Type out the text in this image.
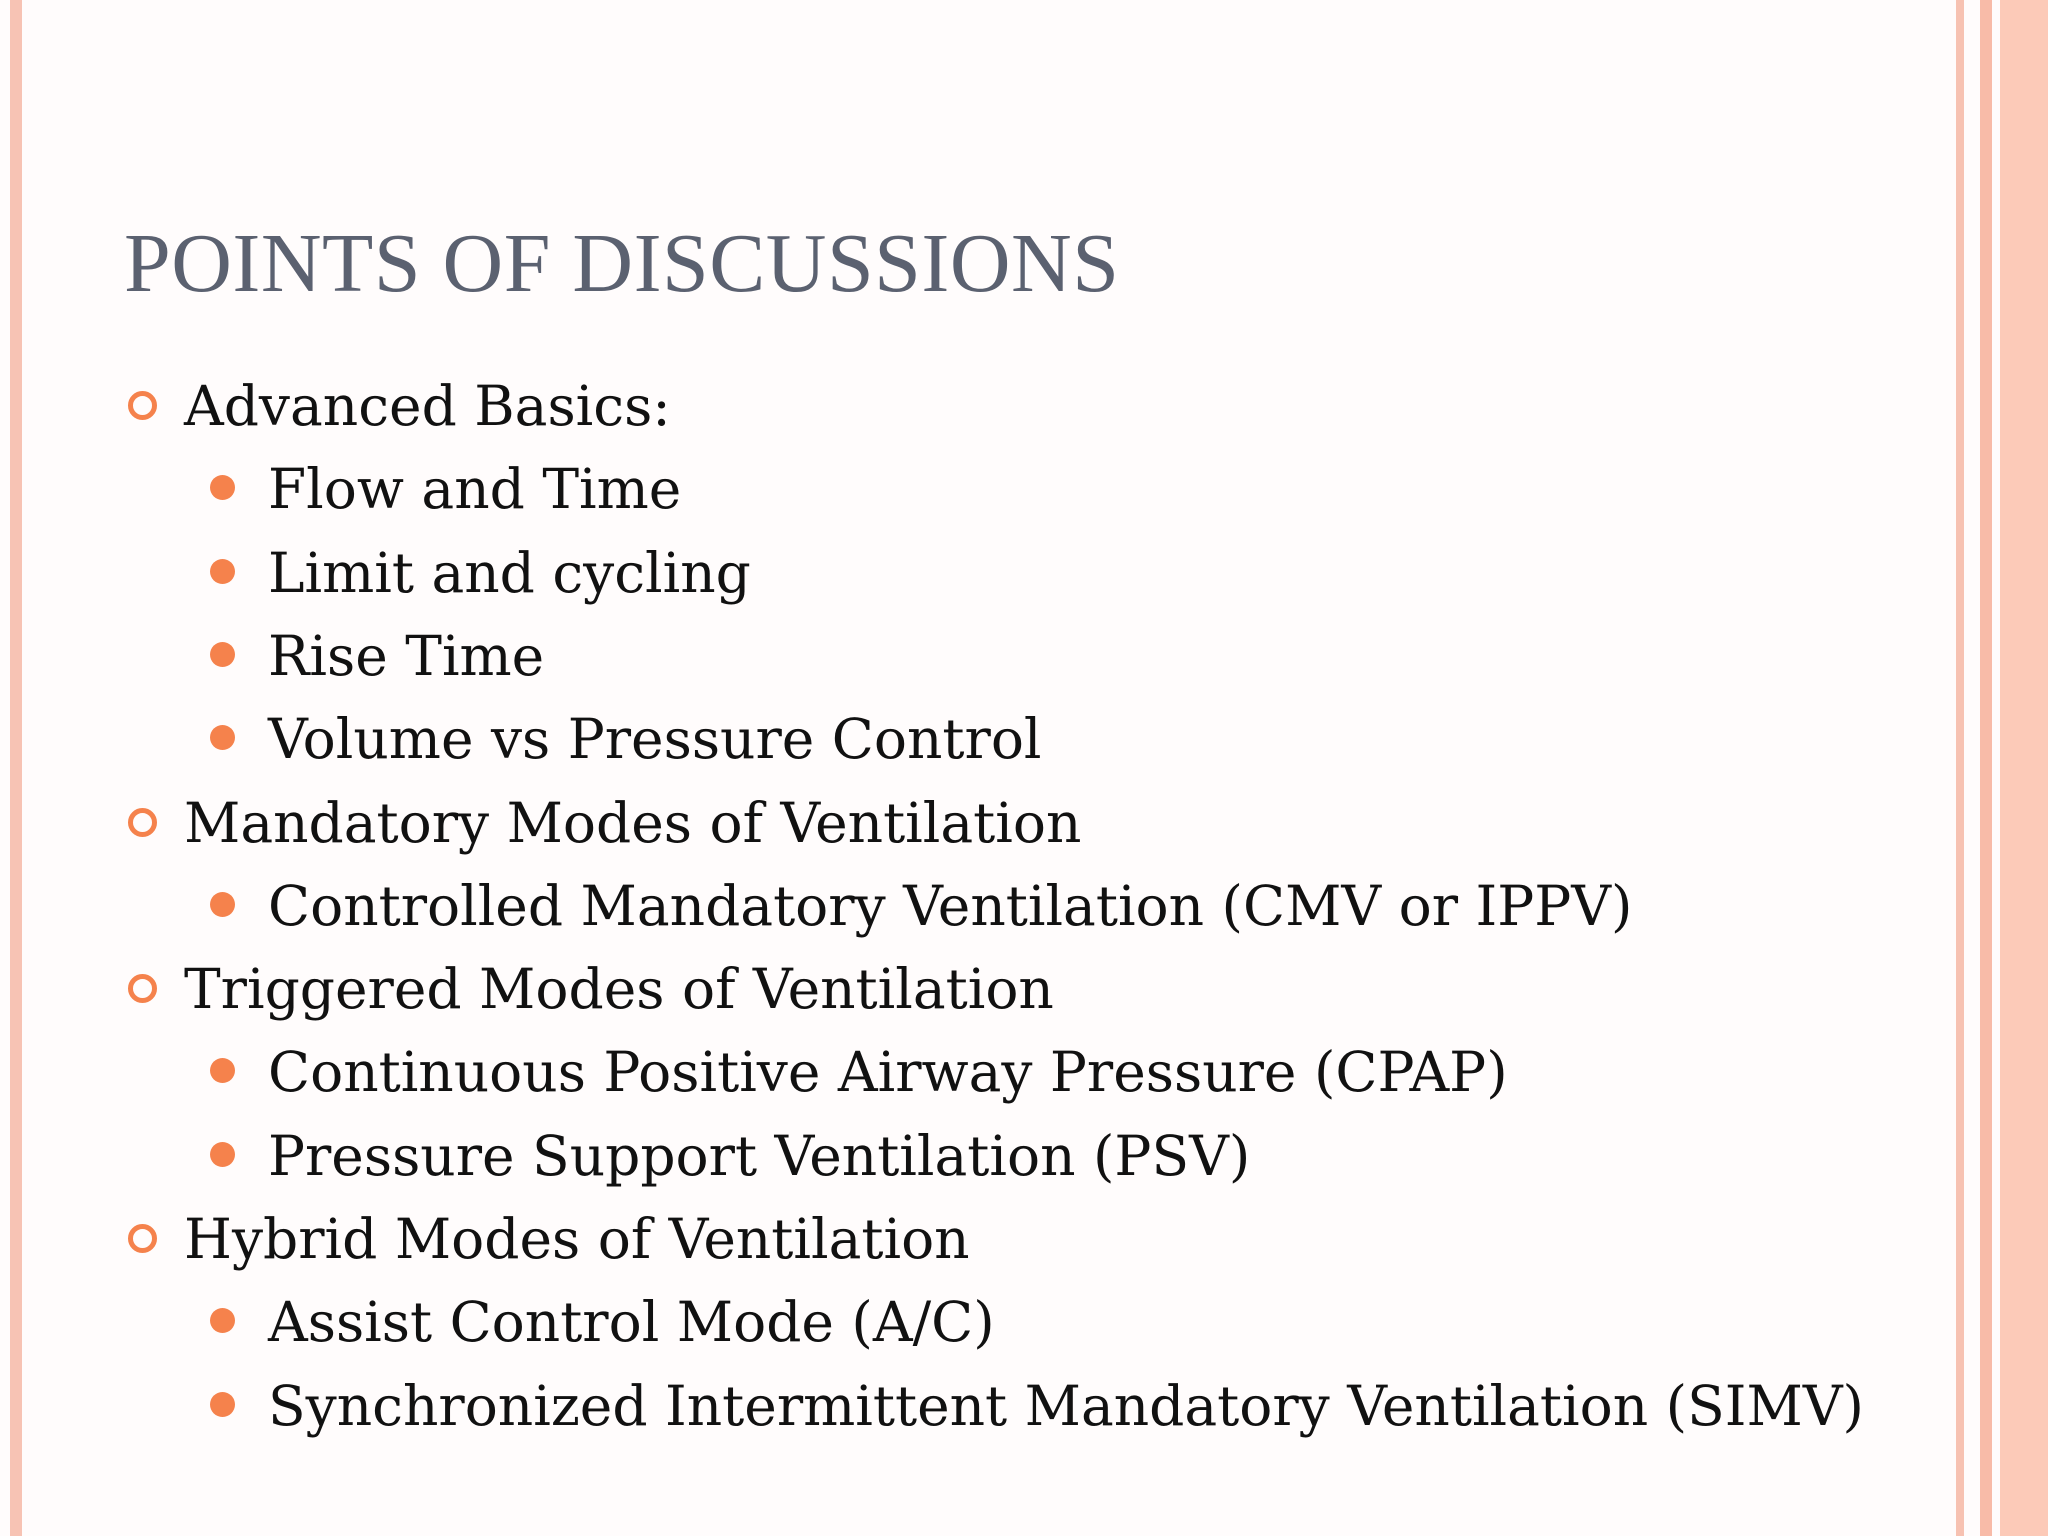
POINTS OF DISCUSSIONS
Advanced Basics:
Flow and Time
Limit and cycling
Rise Time
Volume vs Pressure Control
Mandatory Modes of Ventilation
Controlled Mandatory Ventilation (CMV or IPPV)
Triggered Modes of Ventilation
Continuous Positive Airway Pressure (CPAP)
Pressure Support Ventilation (PSV)
Hybrid Modes of Ventilation
Assist Control Mode (A/C)
Synchronized Intermittent Mandatory Ventilation (SIMV)
